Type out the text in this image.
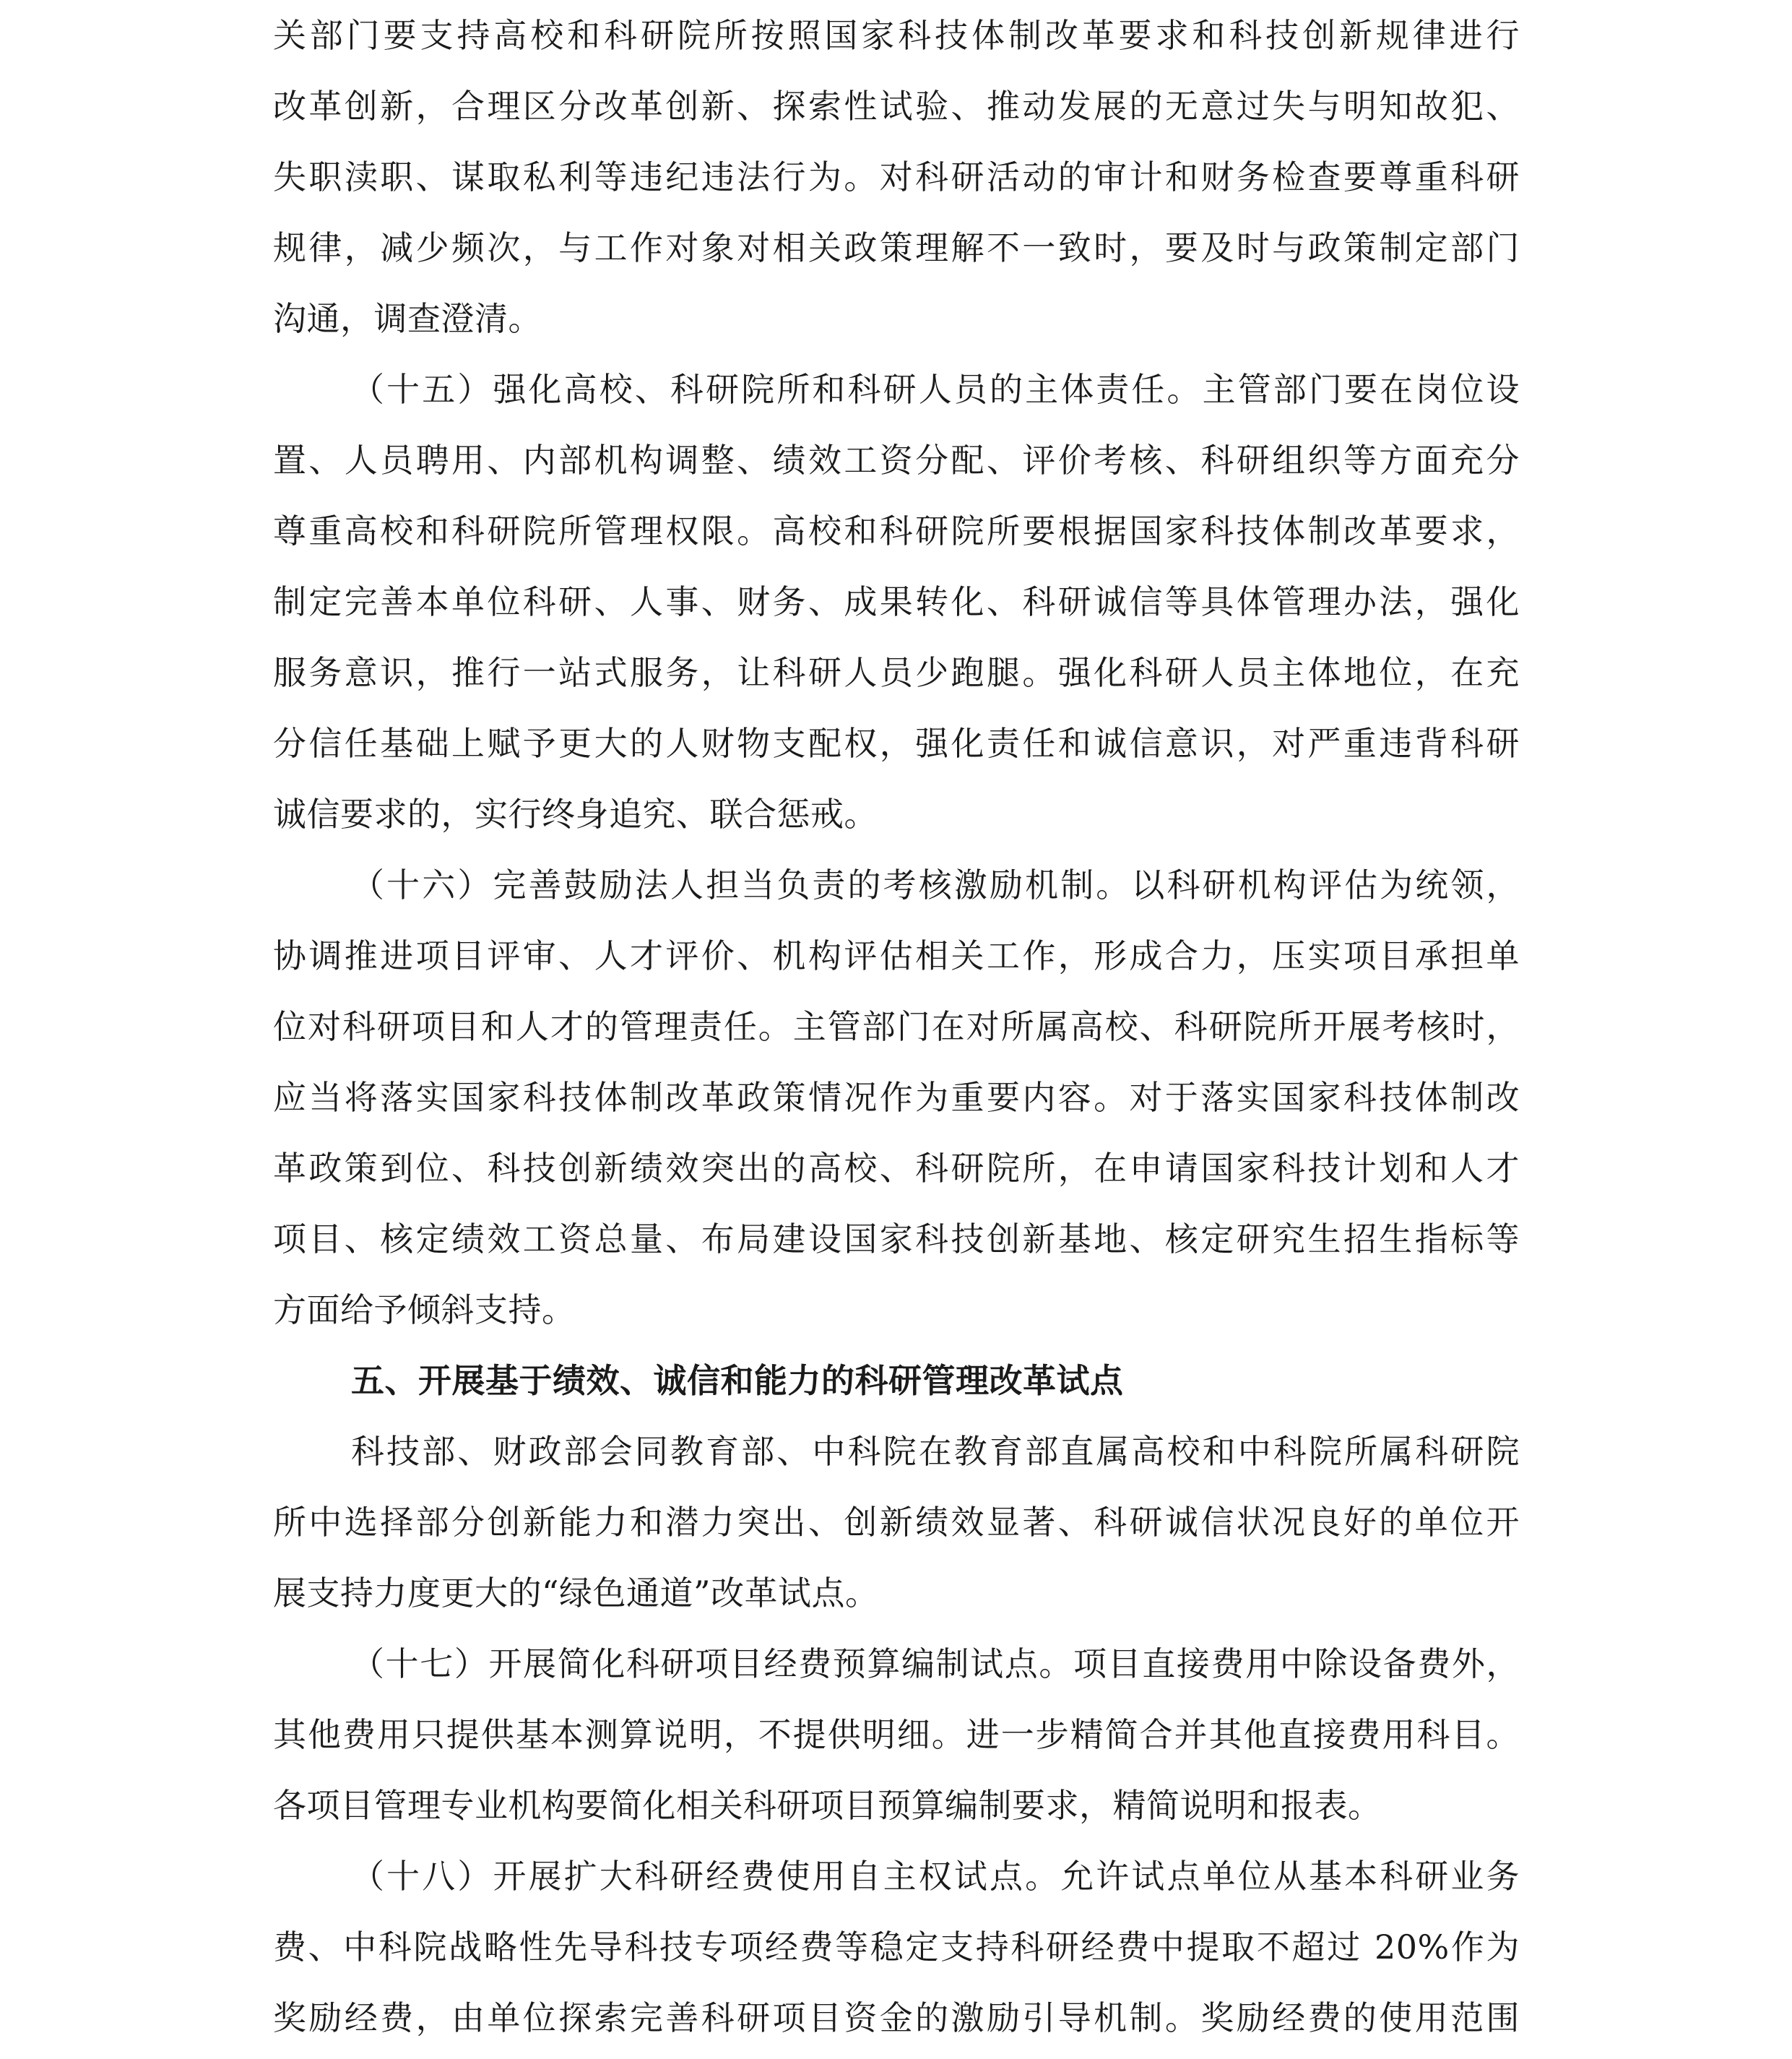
关部门要支持高校和科研院所按照国家科技体制改革要求和科技创新规律进行
改革创新，合理区分改革创新、探索性试验、推动发展的无意过失与明知故犯、
失职渎职、谋取私利等违纪违法行为。对科研活动的审计和财务检查要尊重科研
规律，减少频次，与工作对象对相关政策理解不一致时，要及时与政策制定部门
沟通，调查澄清。
（十五）强化高校、科研院所和科研人员的主体责任。主管部门要在岗位设
置、人员聘用、内部机构调整、绩效工资分配、评价考核、科研组织等方面充分
尊重高校和科研院所管理权限。高校和科研院所要根据国家科技体制改革要求，
制定完善本单位科研、人事、财务、成果转化、科研诚信等具体管理办法，强化
服务意识，推行一站式服务，让科研人员少跑腿。强化科研人员主体地位，在充
分信任基础上赋予更大的人财物支配权，强化责任和诚信意识，对严重违背科研
诚信要求的，实行终身追究、联合惩戒。
（十六）完善鼓励法人担当负责的考核激励机制。以科研机构评估为统领，
协调推进项目评审、人才评价、机构评估相关工作，形成合力，压实项目承担单
位对科研项目和人才的管理责任。主管部门在对所属高校、科研院所开展考核时，
应当将落实国家科技体制改革政策情况作为重要内容。对于落实国家科技体制改
革政策到位、科技创新绩效突出的高校、科研院所，在申请国家科技计划和人才
项目、核定绩效工资总量、布局建设国家科技创新基地、核定研究生招生指标等
方面给予倾斜支持。
五、开展基于绩效、诚信和能力的科研管理改革试点
科技部、财政部会同教育部、中科院在教育部直属高校和中科院所属科研院
所中选择部分创新能力和潜力突出、创新绩效显著、科研诚信状况良好的单位开
展支持力度更大的“绿色通道”改革试点。
（十七）开展简化科研项目经费预算编制试点。项目直接费用中除设备费外，
其他费用只提供基本测算说明，不提供明细。进一步精简合并其他直接费用科目。
各项目管理专业机构要简化相关科研项目预算编制要求，精简说明和报表。
（十八）开展扩大科研经费使用自主权试点。允许试点单位从基本科研业务
费、中科院战略性先导科技专项经费等稳定支持科研经费中提取不超过 20%作为
奖励经费，由单位探索完善科研项目资金的激励引导机制。奖励经费的使用范围
